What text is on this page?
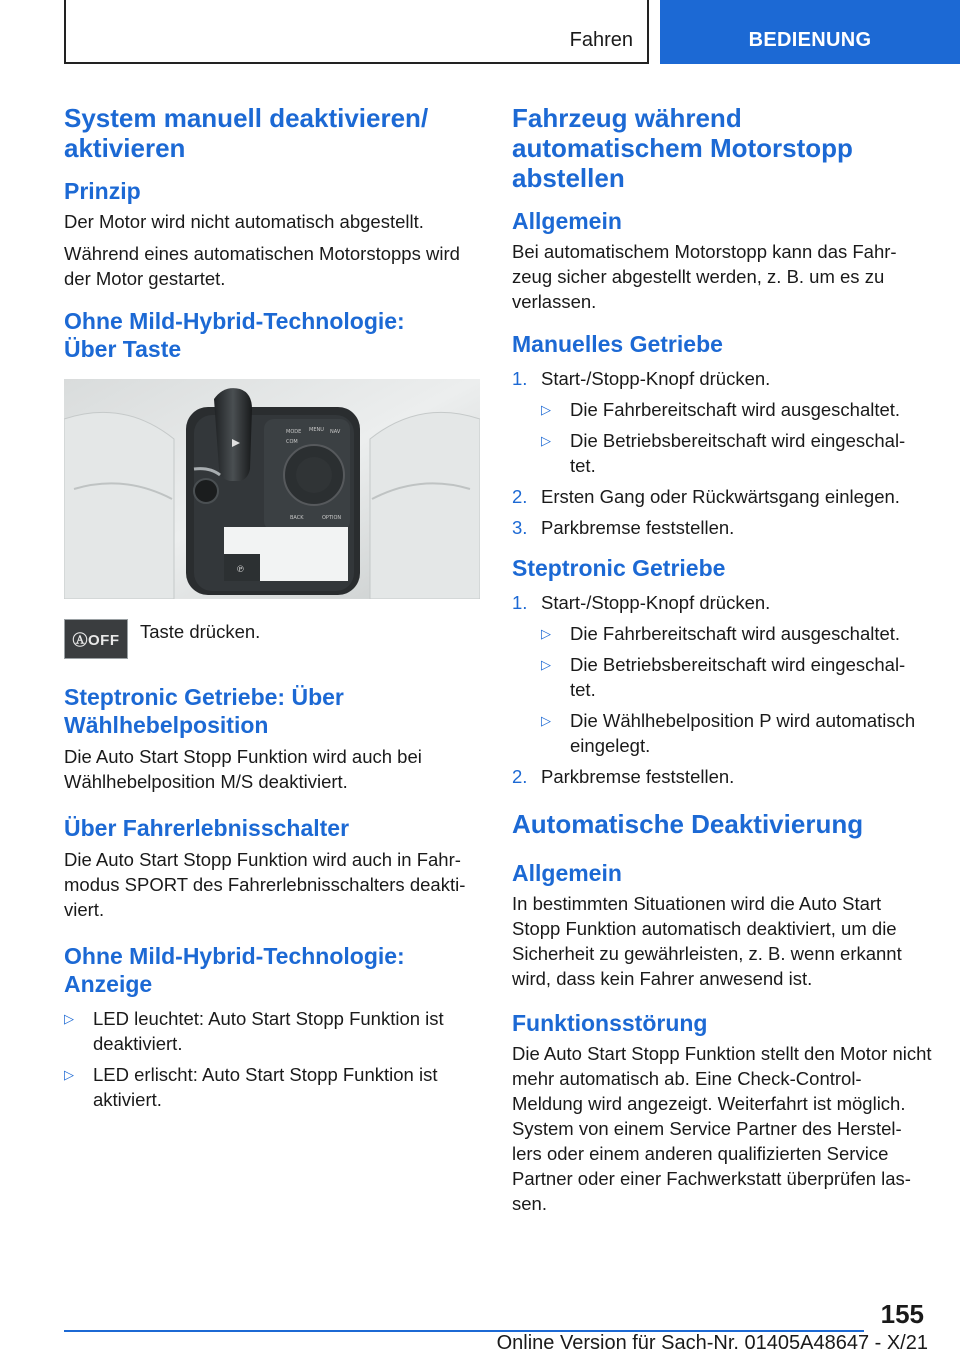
Fahren	BEDIENUNG
System manuell deaktivieren/ aktivieren
Prinzip

Der Motor wird nicht automatisch abgestellt.

Während eines automatischen Motorstopps wird der Motor gestartet.

Ohne Mild-Hybrid-Technologie: Über Taste
MODE MENU NAV
COM
BACK	OPTION
℗
ⒶOFF Taste drücken.

Steptronic Getriebe: Über Wählhebelposition

Die Auto Start Stopp Funktion wird auch bei Wählhebelposition M/S deaktiviert.

Über Fahrerlebnisschalter

Die Auto Start Stopp Funktion wird auch in Fahr- modus SPORT des Fahrerlebnisschalters deakti- viert.

Ohne Mild-Hybrid-Technologie: Anzeige
▷	LED leuchtet: Auto Start Stopp Funktion ist deaktiviert.
▷	LED erlischt: Auto Start Stopp Funktion ist aktiviert.
Fahrzeug während automatischem Motorstopp abstellen
Allgemein

Bei automatischem Motorstopp kann das Fahr- zeug sicher abgestellt werden, z. B. um es zu verlassen.

Manuelles Getriebe
1. Start-/Stopp-Knopf drücken.
▷	Die Fahrbereitschaft wird ausgeschaltet.
▷	Die Betriebsbereitschaft wird eingeschal- tet.
2. Ersten Gang oder Rückwärtsgang einlegen.
3. Parkbremse feststellen.
Steptronic Getriebe
1. Start-/Stopp-Knopf drücken.
▷	Die Fahrbereitschaft wird ausgeschaltet.
▷	Die Betriebsbereitschaft wird eingeschal- tet.
▷	Die Wählhebelposition P wird automatisch eingelegt.
2. Parkbremse feststellen.
Automatische Deaktivierung
Allgemein

In bestimmten Situationen wird die Auto Start Stopp Funktion automatisch deaktiviert, um die Sicherheit zu gewährleisten, z. B. wenn erkannt wird, dass kein Fahrer anwesend ist.

Funktionsstörung

Die Auto Start Stopp Funktion stellt den Motor nicht mehr automatisch ab. Eine Check-Control- Meldung wird angezeigt. Weiterfahrt ist möglich. System von einem Service Partner des Herstel- lers oder einem anderen qualifizierten Service Partner oder einer Fachwerkstatt überprüfen las- sen.

155
Online Version für Sach-Nr. 01405A48647 - X/21
